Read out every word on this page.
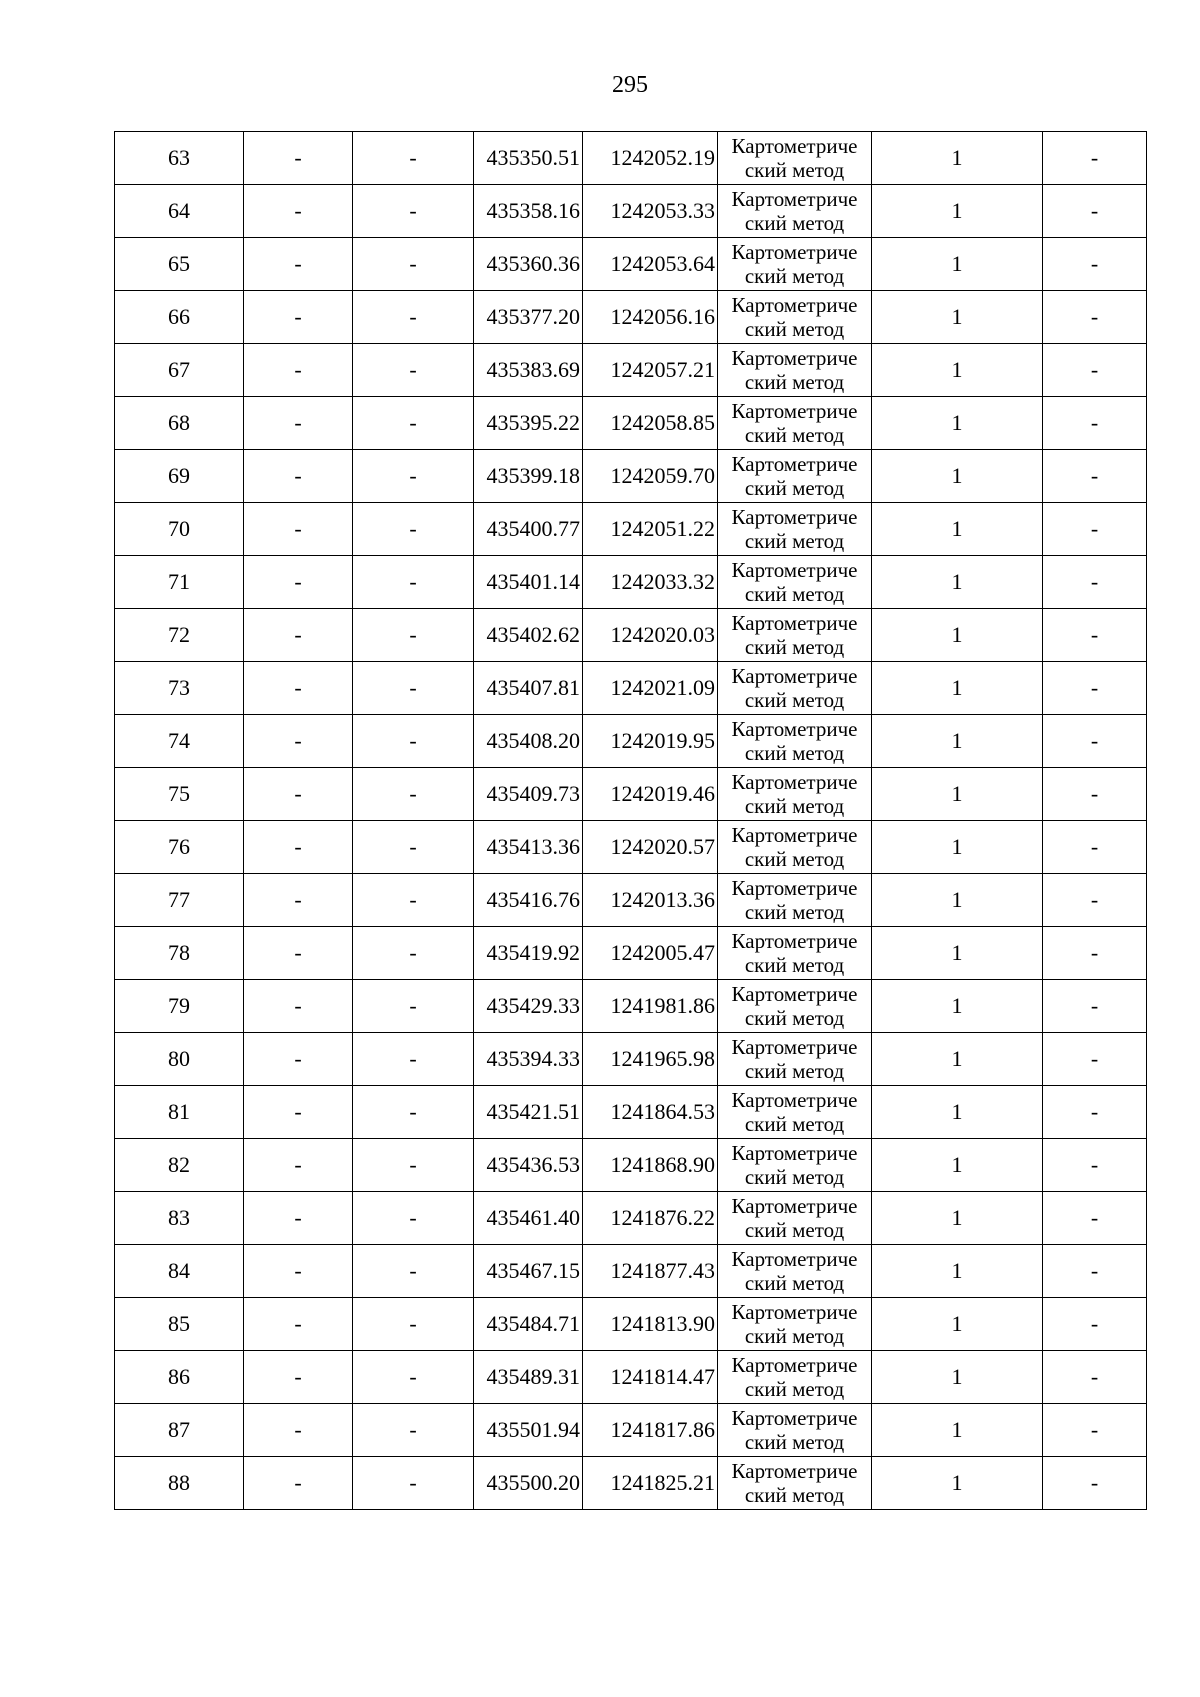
295
63	-	-	435350.51	1242052.19	Картометриче
ский метод	1	-
64	-	-	435358.16	1242053.33	Картометриче
ский метод	1	-
65	-	-	435360.36	1242053.64	Картометриче
ский метод	1	-
66	-	-	435377.20	1242056.16	Картометриче
ский метод	1	-
67	-	-	435383.69	1242057.21	Картометриче
ский метод	1	-
68	-	-	435395.22	1242058.85	Картометриче
ский метод	1	-
69	-	-	435399.18	1242059.70	Картометриче
ский метод	1	-
70	-	-	435400.77	1242051.22	Картометриче
ский метод	1	-
71	-	-	435401.14	1242033.32	Картометриче
ский метод	1	-
72	-	-	435402.62	1242020.03	Картометриче
ский метод	1	-
73	-	-	435407.81	1242021.09	Картометриче
ский метод	1	-
74	-	-	435408.20	1242019.95	Картометриче
ский метод	1	-
75	-	-	435409.73	1242019.46	Картометриче
ский метод	1	-
76	-	-	435413.36	1242020.57	Картометриче
ский метод	1	-
77	-	-	435416.76	1242013.36	Картометриче
ский метод	1	-
78	-	-	435419.92	1242005.47	Картометриче
ский метод	1	-
79	-	-	435429.33	1241981.86	Картометриче
ский метод	1	-
80	-	-	435394.33	1241965.98	Картометриче
ский метод	1	-
81	-	-	435421.51	1241864.53	Картометриче
ский метод	1	-
82	-	-	435436.53	1241868.90	Картометриче
ский метод	1	-
83	-	-	435461.40	1241876.22	Картометриче
ский метод	1	-
84	-	-	435467.15	1241877.43	Картометриче
ский метод	1	-
85	-	-	435484.71	1241813.90	Картометриче
ский метод	1	-
86	-	-	435489.31	1241814.47	Картометриче
ский метод	1	-
87	-	-	435501.94	1241817.86	Картометриче
ский метод	1	-
88	-	-	435500.20	1241825.21	Картометриче
ский метод	1	-
